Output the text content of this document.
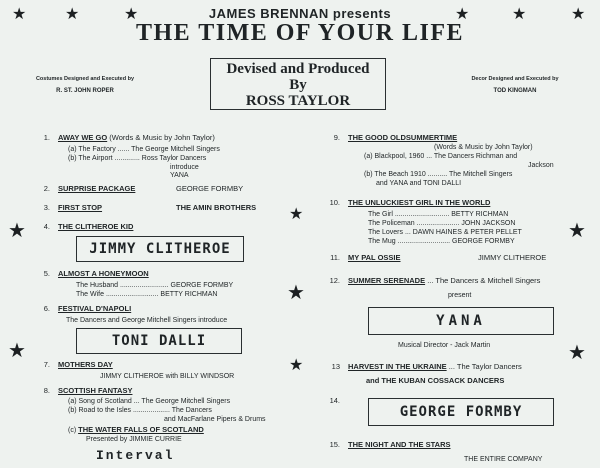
★ ★	★	★	★	★
★	★
★	★
★
★
★
JAMES BRENNAN presents
THE TIME OF YOUR LIFE
Devised and Produced
By
ROSS TAYLOR
Costumes Designed and Executed by
R. ST. JOHN ROPER
Decor Designed and Executed by
TOD KINGMAN
1. AWAY WE GO (Words & Music by John Taylor)
(a) The Factory ...... The George Mitchell Singers
(b) The Airport ............. Ross Taylor Dancers
introduce
YANA
2. SURPRISE PACKAGE	GEORGE FORMBY
3. FIRST STOP	THE AMIN BROTHERS
4. THE CLITHEROE KID
JIMMY CLITHEROE
5. ALMOST A HONEYMOON
The Husband ......................... GEORGE FORMBY
The Wife ........................... BETTY RICHMAN
6. FESTIVAL D'NAPOLI
The Dancers and George Mitchell Singers introduce
TONI DALLI
7. MOTHERS DAY
JIMMY CLITHEROE with BILLY WINDSOR
8. SCOTTISH FANTASY
(a) Song of Scotland ... The George Mitchell Singers
(b) Road to the Isles ................... The Dancers
and MacFarlane Pipers & Drums
(c) THE WATER FALLS OF SCOTLAND
Presented by JIMMIE CURRIE
Interval
9. THE GOOD OLDSUMMERTIME
(Words & Music by John Taylor)
(a) Blackpool, 1960 ... The Dancers Richman and
Jackson
(b) The Beach 1910 .......... The Mitchell Singers
and YANA and TONI DALLI
10. THE UNLUCKIEST GIRL IN THE WORLD
The Girl ............................ BETTY RICHMAN
The Policeman ...................... JOHN JACKSON
The Lovers ... DAWN HAINES & PETER PELLET
The Mug ........................... GEORGE FORMBY
11. MY PAL OSSIE	JIMMY CLITHEROE
12. SUMMER SERENADE ... The Dancers & Mitchell Singers
present
YANA
Musical Director - Jack Martin
13 HARVEST IN THE UKRAINE ... The Taylor Dancers
and THE KUBAN COSSACK DANCERS
14.
GEORGE FORMBY
15. THE NIGHT AND THE STARS
THE ENTIRE COMPANY
